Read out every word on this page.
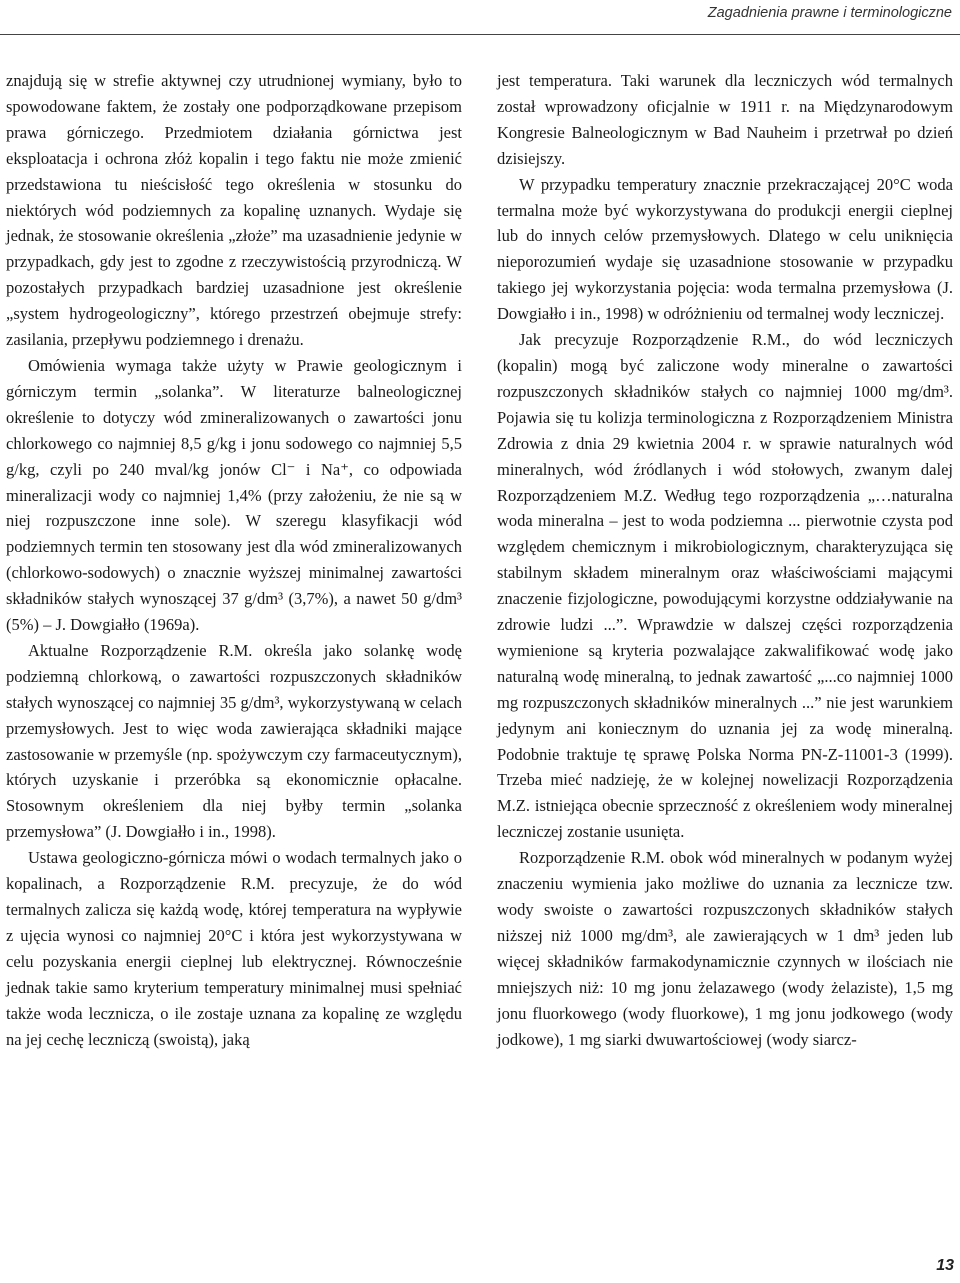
Zagadnienia prawne i terminologiczne

znajdują się w strefie aktywnej czy utrudnionej wymiany, było to spowodowane faktem, że zostały one podporządkowane przepisom prawa górniczego. Przedmiotem działania górnictwa jest eksploatacja i ochrona złóż kopalin i tego faktu nie może zmienić przedstawiona tu nieścisłość tego określenia w stosunku do niektórych wód podziemnych za kopalinę uznanych. Wydaje się jednak, że stosowanie określenia „złoże” ma uzasadnienie jedynie w przypadkach, gdy jest to zgodne z rzeczywistością przyrodniczą. W pozostałych przypadkach bardziej uzasadnione jest określenie „system hydrogeologiczny”, którego przestrzeń obejmuje strefy: zasilania, przepływu podziemnego i drenażu.

Omówienia wymaga także użyty w Prawie geologicznym i górniczym termin „solanka”. W literaturze balneologicznej określenie to dotyczy wód zmineralizowanych o zawartości jonu chlorkowego co najmniej 8,5 g/kg i jonu sodowego co najmniej 5,5 g/kg, czyli po 240 mval/kg jonów Cl⁻ i Na⁺, co odpowiada mineralizacji wody co najmniej 1,4% (przy założeniu, że nie są w niej rozpuszczone inne sole). W szeregu klasyfikacji wód podziemnych termin ten stosowany jest dla wód zmineralizowanych (chlorkowo-sodowych) o znacznie wyższej minimalnej zawartości składników stałych wynoszącej 37 g/dm³ (3,7%), a nawet 50 g/dm³ (5%) – J. Dowgiałło (1969a).

Aktualne Rozporządzenie R.M. określa jako solankę wodę podziemną chlorkową, o zawartości rozpuszczonych składników stałych wynoszącej co najmniej 35 g/dm³, wykorzystywaną w celach przemysłowych. Jest to więc woda zawierająca składniki mające zastosowanie w przemyśle (np. spożywczym czy farmaceutycznym), których uzyskanie i przeróbka są ekonomicznie opłacalne. Stosownym określeniem dla niej byłby termin „solanka przemysłowa” (J. Dowgiałło i in., 1998).

Ustawa geologiczno-górnicza mówi o wodach termalnych jako o kopalinach, a Rozporządzenie R.M. precyzuje, że do wód termalnych zalicza się każdą wodę, której temperatura na wypływie z ujęcia wynosi co najmniej 20°C i która jest wykorzystywana w celu pozyskania energii cieplnej lub elektrycznej. Równocześnie jednak takie samo kryterium temperatury minimalnej musi spełniać także woda lecznicza, o ile zostaje uznana za kopalinę ze względu na jej cechę leczniczą (swoistą), jaką

jest temperatura. Taki warunek dla leczniczych wód termalnych został wprowadzony oficjalnie w 1911 r. na Międzynarodowym Kongresie Balneologicznym w Bad Nauheim i przetrwał po dzień dzisiejszy.

W przypadku temperatury znacznie przekraczającej 20°C woda termalna może być wykorzystywana do produkcji energii cieplnej lub do innych celów przemysłowych. Dlatego w celu uniknięcia nieporozumień wydaje się uzasadnione stosowanie w przypadku takiego jej wykorzystania pojęcia: woda termalna przemysłowa (J. Dowgiałło i in., 1998) w odróżnieniu od termalnej wody leczniczej.

Jak precyzuje Rozporządzenie R.M., do wód leczniczych (kopalin) mogą być zaliczone wody mineralne o zawartości rozpuszczonych składników stałych co najmniej 1000 mg/dm³. Pojawia się tu kolizja terminologiczna z Rozporządzeniem Ministra Zdrowia z dnia 29 kwietnia 2004 r. w sprawie naturalnych wód mineralnych, wód źródlanych i wód stołowych, zwanym dalej Rozporządzeniem M.Z. Według tego rozporządzenia „…naturalna woda mineralna – jest to woda podziemna ... pierwotnie czysta pod względem chemicznym i mikrobiologicznym, charakteryzująca się stabilnym składem mineralnym oraz właściwościami mającymi znaczenie fizjologiczne, powodującymi korzystne oddziaływanie na zdrowie ludzi ...”. Wprawdzie w dalszej części rozporządzenia wymienione są kryteria pozwalające zakwalifikować wodę jako naturalną wodę mineralną, to jednak zawartość „...co najmniej 1000 mg rozpuszczonych składników mineralnych ...” nie jest warunkiem jedynym ani koniecznym do uznania jej za wodę mineralną. Podobnie traktuje tę sprawę Polska Norma PN-Z-11001-3 (1999). Trzeba mieć nadzieję, że w kolejnej nowelizacji Rozporządzenia M.Z. istniejąca obecnie sprzeczność z określeniem wody mineralnej leczniczej zostanie usunięta.

Rozporządzenie R.M. obok wód mineralnych w podanym wyżej znaczeniu wymienia jako możliwe do uznania za lecznicze tzw. wody swoiste o zawartości rozpuszczonych składników stałych niższej niż 1000 mg/dm³, ale zawierających w 1 dm³ jeden lub więcej składników farmakodynamicznie czynnych w ilościach nie mniejszych niż: 10 mg jonu żelazawego (wody żelaziste), 1,5 mg jonu fluorkowego (wody fluorkowe), 1 mg jonu jodkowego (wody jodkowe), 1 mg siarki dwuwartościowej (wody siarcz-

13
